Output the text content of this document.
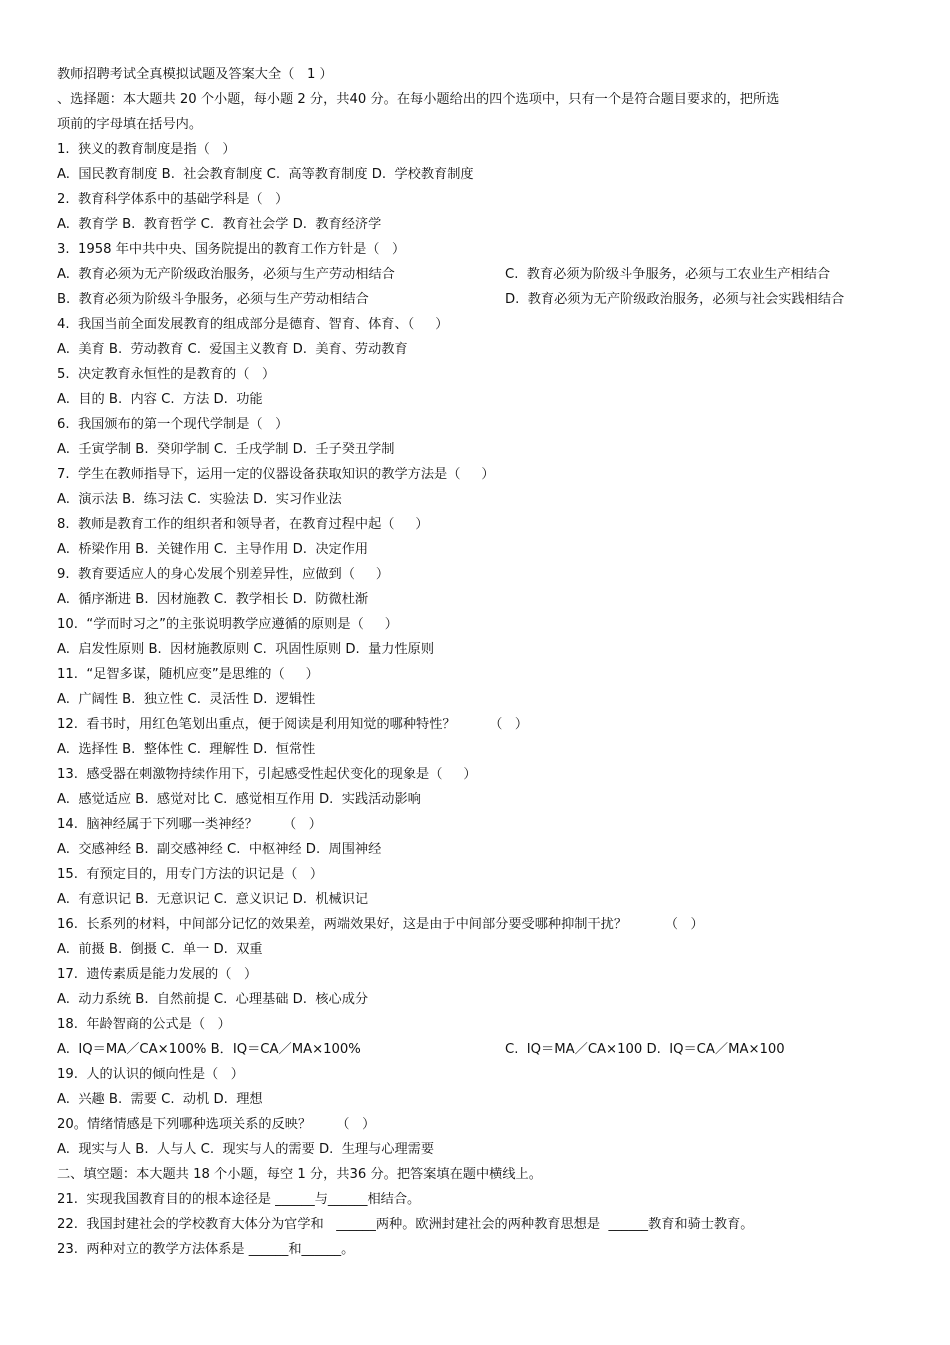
教师招聘考试全真模拟试题及答案大全（   1 ）
、选择题：本大题共 20 个小题，每小题 2 分，共40 分。在每小题给出的四个选项中，只有一个是符合题目要求的，把所选
项前的字母填在括号内。
1.  狭义的教育制度是指（   ）
A.  国民教育制度 B.  社会教育制度 C.  高等教育制度 D.  学校教育制度
2.  教育科学体系中的基础学科是（   ）
A.  教育学 B.  教育哲学 C.  教育社会学 D.  教育经济学
3.  1958 年中共中央、国务院提出的教育工作方针是（   ）
A.  教育必须为无产阶级政治服务，必须与生产劳动相结合	C.  教育必须为阶级斗争服务，必须与工农业生产相结合
B.  教育必须为阶级斗争服务，必须与生产劳动相结合	D.  教育必须为无产阶级政治服务，必须与社会实践相结合
4.  我国当前全面发展教育的组成部分是德育、智育、体育、（     ）
A.  美育 B.  劳动教育 C.  爱国主义教育 D.  美育、劳动教育
5.  决定教育永恒性的是教育的（   ）
A.  目的 B.  内容 C.  方法 D.  功能
6.  我国颁布的第一个现代学制是（   ）
A.  壬寅学制 B.  癸卯学制 C.  壬戌学制 D.  壬子癸丑学制
7.  学生在教师指导下，运用一定的仪器设备获取知识的教学方法是（     ）
A.  演示法 B.  练习法 C.  实验法 D.  实习作业法
8.  教师是教育工作的组织者和领导者，在教育过程中起（     ）
A.  桥梁作用 B.  关键作用 C.  主导作用 D.  决定作用
9.  教育要适应人的身心发展个别差异性，应做到（     ）
A.  循序渐进 B.  因材施教 C.  教学相长 D.  防微杜渐
10.  “学而时习之”的主张说明教学应遵循的原则是（     ）
A.  启发性原则 B.  因材施教原则 C.  巩固性原则 D.  量力性原则
11.  “足智多谋，随机应变”是思维的（     ）
A.  广阔性 B.  独立性 C.  灵活性 D.  逻辑性
12.  看书时，用红色笔划出重点，便于阅读是利用知觉的哪种特性？        （   ）
A.  选择性 B.  整体性 C.  理解性 D.  恒常性
13.  感受器在刺激物持续作用下，引起感受性起伏变化的现象是（     ）
A.  感觉适应 B.  感觉对比 C.  感觉相互作用 D.  实践活动影响
14.  脑神经属于下列哪一类神经？      （   ）
A.  交感神经 B.  副交感神经 C.  中枢神经 D.  周围神经
15.  有预定目的，用专门方法的识记是（   ）
A.  有意识记 B.  无意识记 C.  意义识记 D.  机械识记
16.  长系列的材料，中间部分记忆的效果差，两端效果好，这是由于中间部分要受哪种抑制干扰？         （   ）
A.  前摄 B.  倒摄 C.  单一 D.  双重
17.  遗传素质是能力发展的（   ）
A.  动力系统 B.  自然前提 C.  心理基础 D.  核心成分
18.  年龄智商的公式是（   ）
A.  IQ＝MA／CA×100% B．IQ＝CA／MA×100%	C.  IQ＝MA／CA×100 D.  IQ＝CA／MA×100
19.  人的认识的倾向性是（   ）
A.  兴趣 B.  需要 C.  动机 D.  理想
20。情绪情感是下列哪种选项关系的反映？      （   ）
A.  现实与人 B.  人与人 C.  现实与人的需要 D.  生理与心理需要
二、填空题：本大题共 18 个小题，每空 1 分，共36 分。把答案填在题中横线上。
21.  实现我国教育目的的根本途径是 ______与______相结合。
22.  我国封建社会的学校教育大体分为官学和   ______两种。欧洲封建社会的两种教育思想是  ______教育和骑士教育。
23.  两种对立的教学方法体系是 ______和______。
